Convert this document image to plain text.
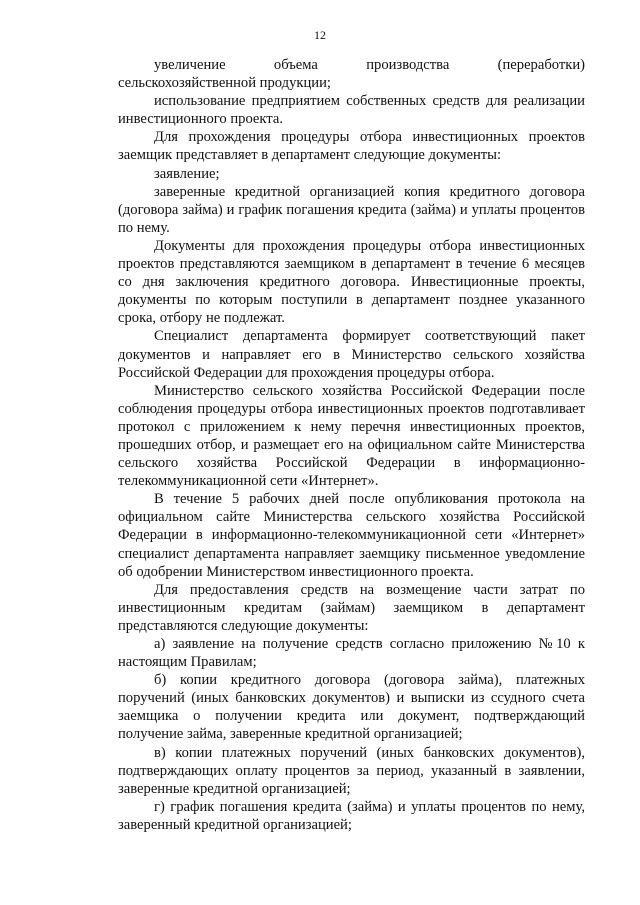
12

увеличение объема производства (переработки) сельскохозяйственной продукции;

использование предприятием собственных средств для реализации инвестиционного проекта.

Для прохождения процедуры отбора инвестиционных проектов заемщик представляет в департамент следующие документы:

заявление;

заверенные кредитной организацией копия кредитного договора (договора займа) и график погашения кредита (займа) и уплаты процентов по нему.

Документы для прохождения процедуры отбора инвестиционных проектов представляются заемщиком в департамент в течение 6 месяцев со дня заключения кредитного договора. Инвестиционные проекты, документы по которым поступили в департамент позднее указанного срока, отбору не подлежат.

Специалист департамента формирует соответствующий пакет документов и направляет его в Министерство сельского хозяйства Российской Федерации для прохождения процедуры отбора.

Министерство сельского хозяйства Российской Федерации после соблюдения процедуры отбора инвестиционных проектов подготавливает протокол с приложением к нему перечня инвестиционных проектов, прошедших отбор, и размещает его на официальном сайте Министерства сельского хозяйства Российской Федерации в информационно-телекоммуникационной сети «Интернет».

В течение 5 рабочих дней после опубликования протокола на официальном сайте Министерства сельского хозяйства Российской Федерации в информационно-телекоммуникационной сети «Интернет» специалист департамента направляет заемщику письменное уведомление об одобрении Министерством инвестиционного проекта.

Для предоставления средств на возмещение части затрат по инвестиционным кредитам (займам) заемщиком в департамент представляются следующие документы:

а) заявление на получение средств согласно приложению №10 к настоящим Правилам;

б) копии кредитного договора (договора займа), платежных поручений (иных банковских документов) и выписки из ссудного счета заемщика о получении кредита или документ, подтверждающий получение займа, заверенные кредитной организацией;

в) копии платежных поручений (иных банковских документов), подтверждающих оплату процентов за период, указанный в заявлении, заверенные кредитной организацией;

г) график погашения кредита (займа) и уплаты процентов по нему, заверенный кредитной организацией;
